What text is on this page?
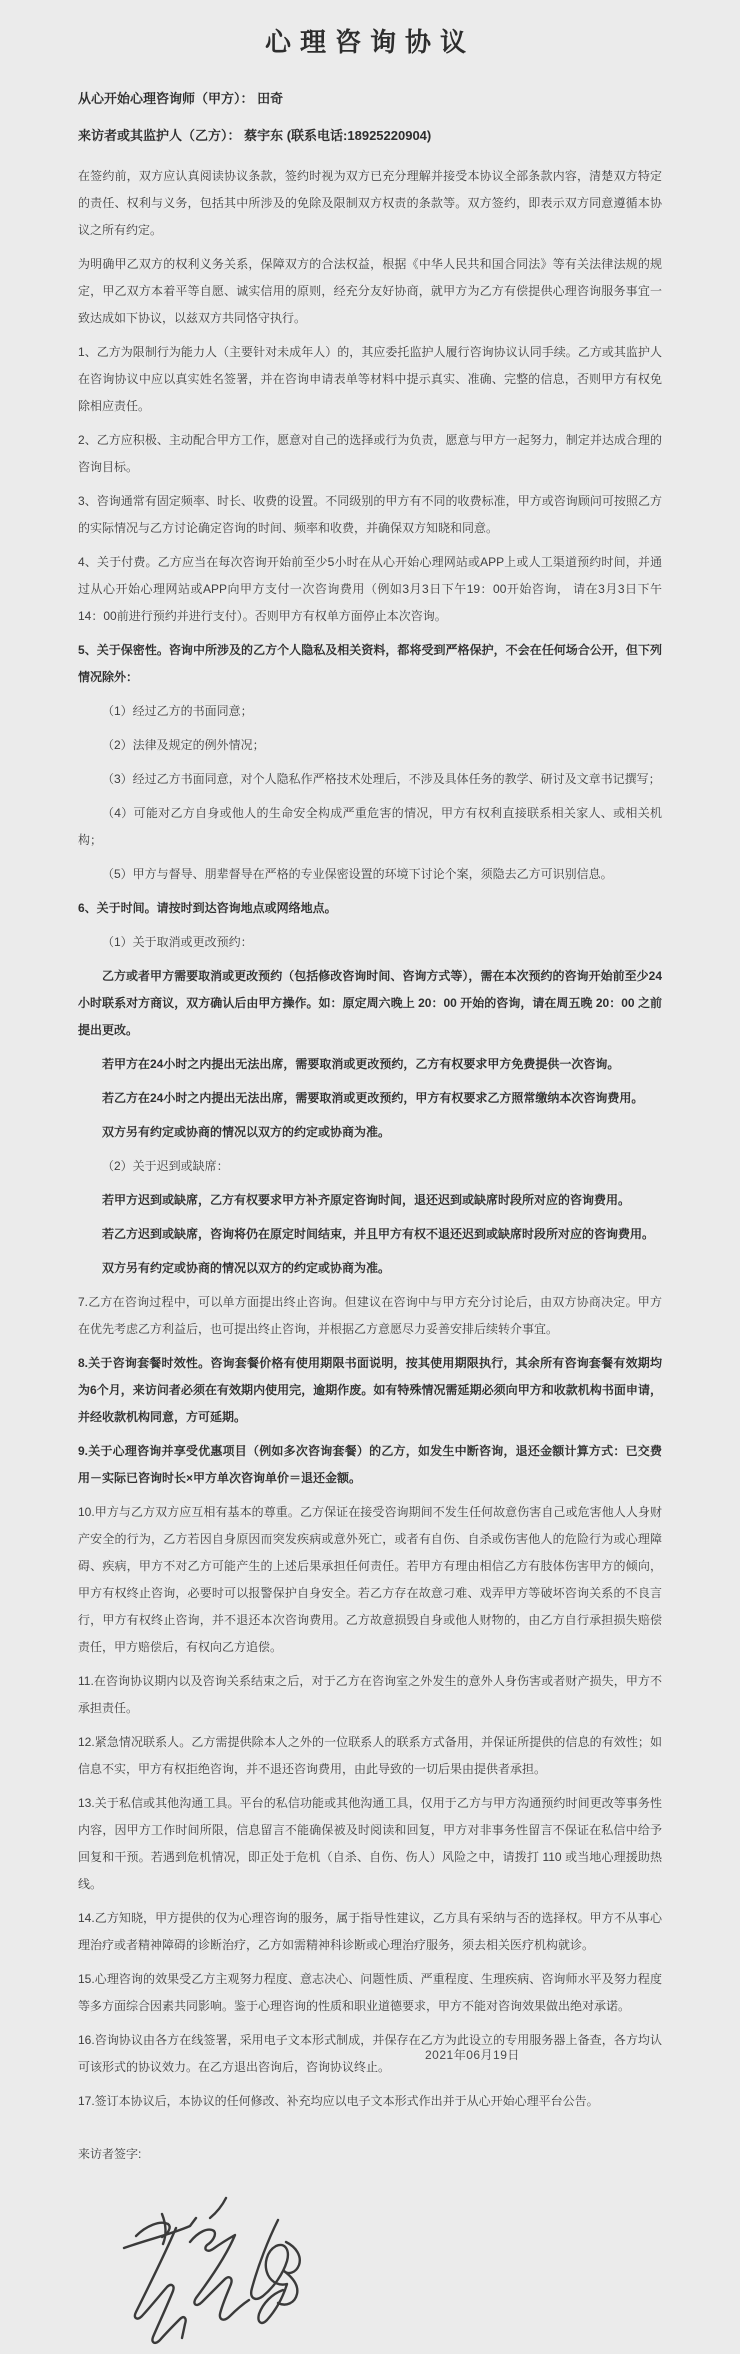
心理咨询协议

从心开始心理咨询师（甲方）： 田奇

来访者或其监护人（乙方）： 蔡宇东 (联系电话:18925220904)

在签约前，双方应认真阅读协议条款，签约时视为双方已充分理解并接受本协议全部条款内容，清楚双方特定的责任、权利与义务，包括其中所涉及的免除及限制双方权责的条款等。双方签约，即表示双方同意遵循本协议之所有约定。

为明确甲乙双方的权利义务关系，保障双方的合法权益，根据《中华人民共和国合同法》等有关法律法规的规定，甲乙双方本着平等自愿、诚实信用的原则，经充分友好协商，就甲方为乙方有偿提供心理咨询服务事宜一致达成如下协议，以兹双方共同恪守执行。

1、乙方为限制行为能力人（主要针对未成年人）的，其应委托监护人履行咨询协议认同手续。乙方或其监护人在咨询协议中应以真实姓名签署，并在咨询申请表单等材料中提示真实、准确、完整的信息，否则甲方有权免除相应责任。

2、乙方应积极、主动配合甲方工作，愿意对自己的选择或行为负责，愿意与甲方一起努力，制定并达成合理的咨询目标。

3、咨询通常有固定频率、时长、收费的设置。不同级别的甲方有不同的收费标准，甲方或咨询顾问可按照乙方的实际情况与乙方讨论确定咨询的时间、频率和收费，并确保双方知晓和同意。

4、关于付费。乙方应当在每次咨询开始前至少5小时在从心开始心理网站或APP上或人工渠道预约时间，并通过从心开始心理网站或APP向甲方支付一次咨询费用（例如3月3日下午19：00开始咨询， 请在3月3日下午14：00前进行预约并进行支付）。否则甲方有权单方面停止本次咨询。

5、关于保密性。咨询中所涉及的乙方个人隐私及相关资料，都将受到严格保护，不会在任何场合公开，但下列情况除外：

（1）经过乙方的书面同意；

（2）法律及规定的例外情况；

（3）经过乙方书面同意，对个人隐私作严格技术处理后，不涉及具体任务的教学、研讨及文章书记撰写；

（4）可能对乙方自身或他人的生命安全构成严重危害的情况，甲方有权利直接联系相关家人、或相关机构；

（5）甲方与督导、朋辈督导在严格的专业保密设置的环境下讨论个案，须隐去乙方可识别信息。

6、关于时间。请按时到达咨询地点或网络地点。

（1）关于取消或更改预约：

乙方或者甲方需要取消或更改预约（包括修改咨询时间、咨询方式等），需在本次预约的咨询开始前至少24小时联系对方商议，双方确认后由甲方操作。如：原定周六晚上 20：00 开始的咨询，请在周五晚 20：00 之前提出更改。

若甲方在24小时之内提出无法出席，需要取消或更改预约，乙方有权要求甲方免费提供一次咨询。

若乙方在24小时之内提出无法出席，需要取消或更改预约，甲方有权要求乙方照常缴纳本次咨询费用。

双方另有约定或协商的情况以双方的约定或协商为准。

（2）关于迟到或缺席：

若甲方迟到或缺席，乙方有权要求甲方补齐原定咨询时间，退还迟到或缺席时段所对应的咨询费用。

若乙方迟到或缺席，咨询将仍在原定时间结束，并且甲方有权不退还迟到或缺席时段所对应的咨询费用。

双方另有约定或协商的情况以双方的约定或协商为准。

7.乙方在咨询过程中，可以单方面提出终止咨询。但建议在咨询中与甲方充分讨论后，由双方协商决定。甲方在优先考虑乙方利益后，也可提出终止咨询，并根据乙方意愿尽力妥善安排后续转介事宜。

8.关于咨询套餐时效性。咨询套餐价格有使用期限书面说明，按其使用期限执行，其余所有咨询套餐有效期均为6个月，来访问者必须在有效期内使用完，逾期作废。如有特殊情况需延期必须向甲方和收款机构书面申请，并经收款机构同意，方可延期。

9.关于心理咨询并享受优惠项目（例如多次咨询套餐）的乙方，如发生中断咨询，退还金额计算方式：已交费用－实际已咨询时长×甲方单次咨询单价＝退还金额。

10.甲方与乙方双方应互相有基本的尊重。乙方保证在接受咨询期间不发生任何故意伤害自己或危害他人人身财产安全的行为，乙方若因自身原因而突发疾病或意外死亡，或者有自伤、自杀或伤害他人的危险行为或心理障碍、疾病，甲方不对乙方可能产生的上述后果承担任何责任。若甲方有理由相信乙方有肢体伤害甲方的倾向，甲方有权终止咨询，必要时可以报警保护自身安全。若乙方存在故意刁难、戏弄甲方等破坏咨询关系的不良言行，甲方有权终止咨询，并不退还本次咨询费用。乙方故意损毁自身或他人财物的，由乙方自行承担损失赔偿责任，甲方赔偿后，有权向乙方追偿。

11.在咨询协议期内以及咨询关系结束之后，对于乙方在咨询室之外发生的意外人身伤害或者财产损失，甲方不承担责任。

12.紧急情况联系人。乙方需提供除本人之外的一位联系人的联系方式备用，并保证所提供的信息的有效性；如信息不实，甲方有权拒绝咨询，并不退还咨询费用，由此导致的一切后果由提供者承担。

13.关于私信或其他沟通工具。平台的私信功能或其他沟通工具，仅用于乙方与甲方沟通预约时间更改等事务性内容，因甲方工作时间所限，信息留言不能确保被及时阅读和回复，甲方对非事务性留言不保证在私信中给予回复和干预。若遇到危机情况，即正处于危机（自杀、自伤、伤人）风险之中，请拨打 110 或当地心理援助热线。

14.乙方知晓，甲方提供的仅为心理咨询的服务，属于指导性建议，乙方具有采纳与否的选择权。甲方不从事心理治疗或者精神障碍的诊断治疗，乙方如需精神科诊断或心理治疗服务，须去相关医疗机构就诊。

15.心理咨询的效果受乙方主观努力程度、意志决心、问题性质、严重程度、生理疾病、咨询师水平及努力程度等多方面综合因素共同影响。鉴于心理咨询的性质和职业道德要求，甲方不能对咨询效果做出绝对承诺。

16.咨询协议由各方在线签署，采用电子文本形式制成，并保存在乙方为此设立的专用服务器上备查，各方均认可该形式的协议效力。在乙方退出咨询后，咨询协议终止。

17.签订本协议后，本协议的任何修改、补充均应以电子文本形式作出并于从心开始心理平台公告。

来访者签字:

2021年06月19日
